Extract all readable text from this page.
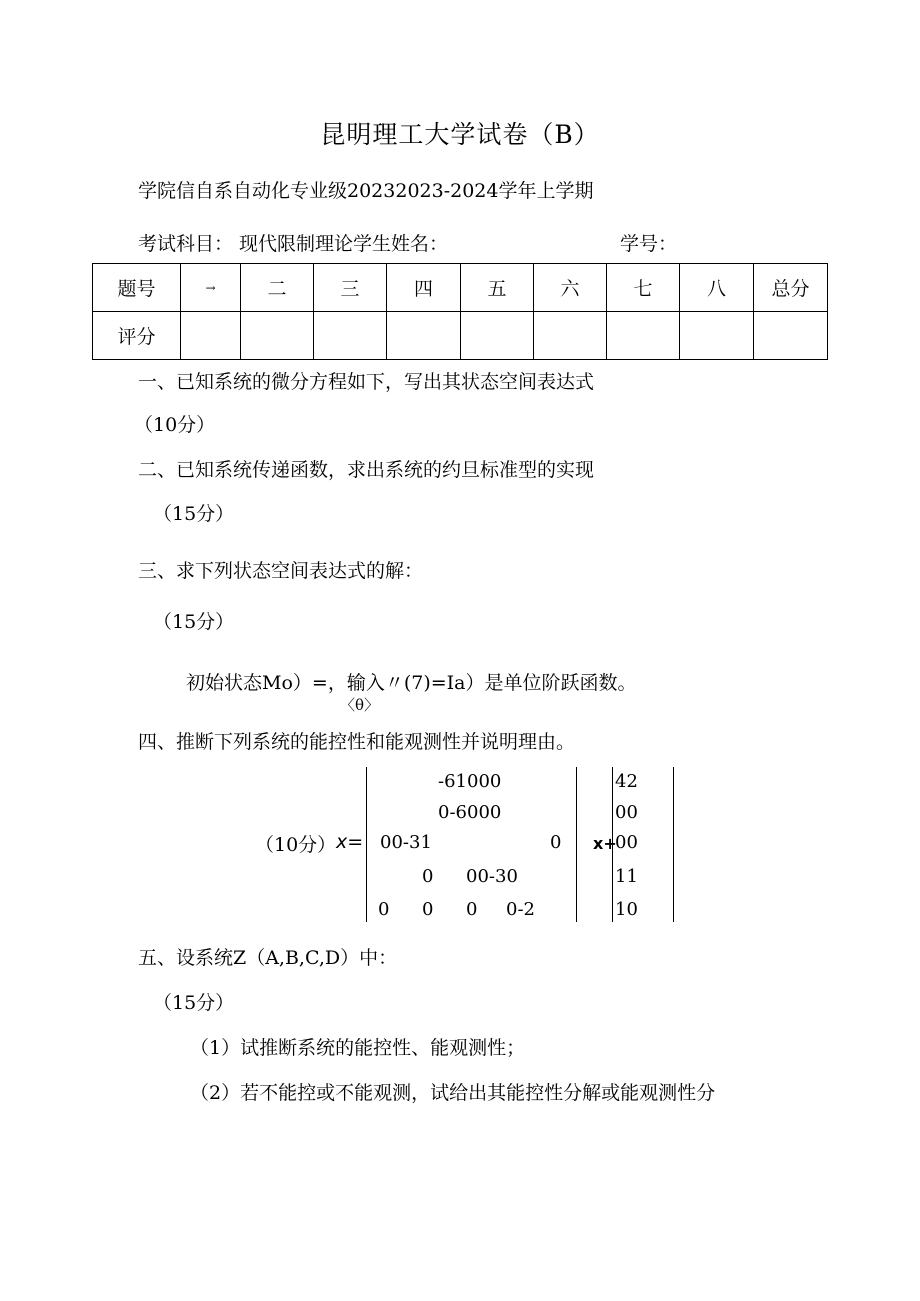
昆明理工大学试卷（B）
学院信自系自动化专业级20232023-2024学年上学期
考试科目： 现代限制理论学生姓名：	学号：
题号	→	二	三	四	五	六	七	八	总分
评分									
一、已知系统的微分方程如下，写出其状态空间表达式
（10分）
二、已知系统传递函数，求出系统的约旦标准型的实现
（15分）
三、求下列状态空间表达式的解：
（15分）
初始状态Mo）=，输入〃(7)=Ia）是单位阶跃函数。
〈θ〉
四、推断下列系统的能控性和能观测性并说明理由。
（10分） x=
-61000
0-6000
00-31	0
0 00-30
0 0 0 0-2
x+
42
00
00
11
10
五、设系统Z（A,B,C,D）中：
（15分）
（1）试推断系统的能控性、能观测性；
（2）若不能控或不能观测，试给出其能控性分解或能观测性分
